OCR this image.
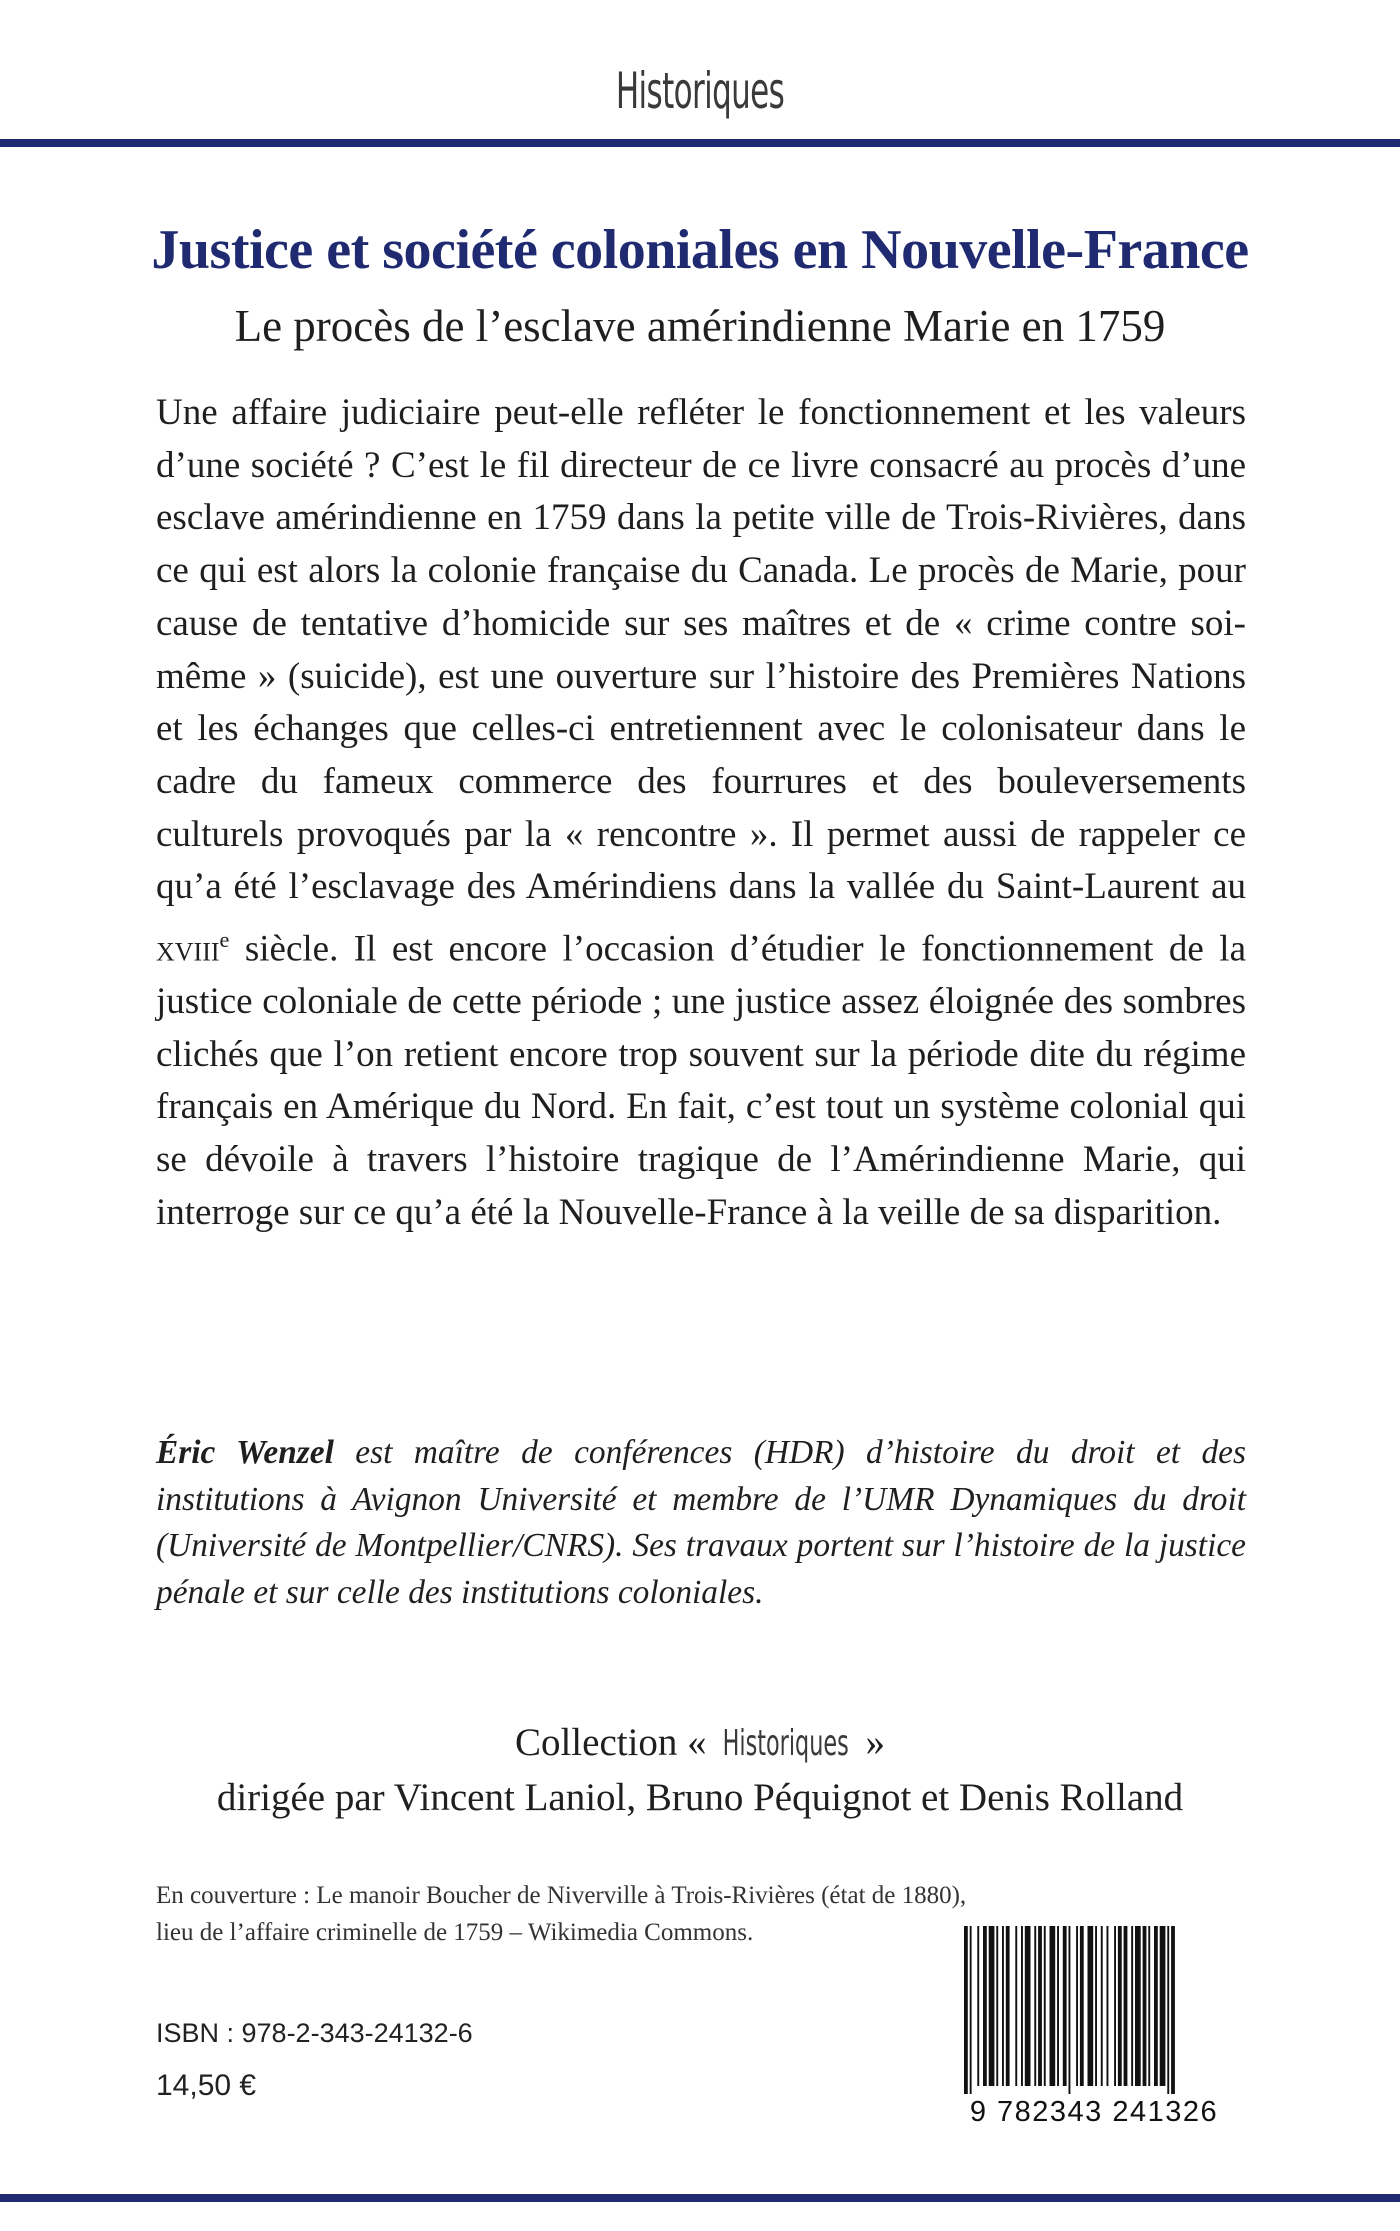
Historiques
Justice et société coloniales en Nouvelle-France
Le procès de l’esclave amérindienne Marie en 1759

Une affaire judiciaire peut-elle refléter le fonctionnement et les valeurs d’une société ? C’est le fil directeur de ce livre consacré au procès d’une esclave amérindienne en 1759 dans la petite ville de Trois-Rivières, dans ce qui est alors la colonie française du Canada. Le procès de Marie, pour cause de tentative d’homicide sur ses maîtres et de « crime contre soi-même » (suicide), est une ouverture sur l’histoire des Premières Nations et les échanges que celles-ci entretiennent avec le colonisateur dans le cadre du fameux commerce des fourrures et des bouleversements culturels provoqués par la « rencontre ». Il permet aussi de rappeler ce qu’a été l’esclavage des Amérindiens dans la vallée du Saint-Laurent au xviii$^e$ siècle. Il est encore l’occasion d’étudier le fonctionnement de la justice coloniale de cette période ; une justice assez éloignée des sombres clichés que l’on retient encore trop souvent sur la période dite du régime français en Amérique du Nord. En fait, c’est tout un système colonial qui se dévoile à travers l’histoire tragique de l’Amérindienne Marie, qui interroge sur ce qu’a été la Nouvelle-France à la veille de sa disparition.

Éric Wenzel est maître de conférences (HDR) d’histoire du droit et des institutions à Avignon Université et membre de l’UMR Dynamiques du droit (Université de Montpellier/CNRS). Ses travaux portent sur l’histoire de la justice pénale et sur celle des institutions coloniales.

Collection « Historiques »
dirigée par Vincent Laniol, Bruno Péquignot et Denis Rolland

En couverture : Le manoir Boucher de Niverville à Trois-Rivières (état de 1880),
lieu de l’affaire criminelle de 1759 – Wikimedia Commons.

ISBN : 978-2-343-24132-6
14,50 €
9 782343 241326
